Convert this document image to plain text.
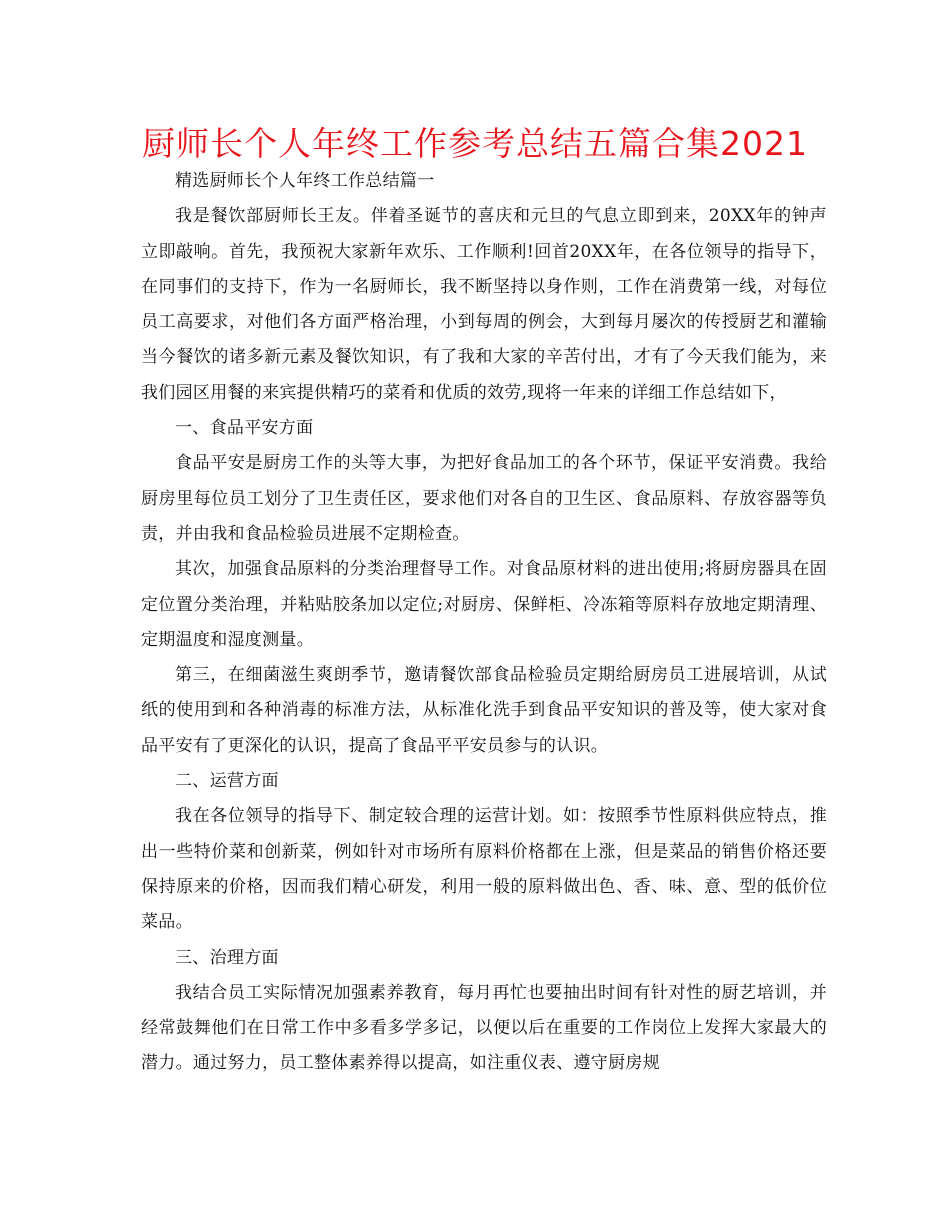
厨师长个人年终工作参考总结五篇合集2021

精选厨师长个人年终工作总结篇一

我是餐饮部厨师长王友。伴着圣诞节的喜庆和元旦的气息立即到来，20XX年的钟声立即敲响。首先，我预祝大家新年欢乐、工作顺利!回首20XX年，在各位领导的指导下，在同事们的支持下，作为一名厨师长，我不断坚持以身作则，工作在消费第一线，对每位员工高要求，对他们各方面严格治理，小到每周的例会，大到每月屡次的传授厨艺和灌输当今餐饮的诸多新元素及餐饮知识，有了我和大家的辛苦付出，才有了今天我们能为，来我们园区用餐的来宾提供精巧的菜肴和优质的效劳,现将一年来的详细工作总结如下，

一、食品平安方面

食品平安是厨房工作的头等大事，为把好食品加工的各个环节，保证平安消费。我给厨房里每位员工划分了卫生责任区，要求他们对各自的卫生区、食品原料、存放容器等负责，并由我和食品检验员进展不定期检查。

其次，加强食品原料的分类治理督导工作。对食品原材料的进出使用;将厨房器具在固定位置分类治理，并粘贴胶条加以定位;对厨房、保鲜柜、冷冻箱等原料存放地定期清理、定期温度和湿度测量。

第三，在细菌滋生爽朗季节，邀请餐饮部食品检验员定期给厨房员工进展培训，从试纸的使用到和各种消毒的标准方法，从标准化洗手到食品平安知识的普及等，使大家对食品平安有了更深化的认识，提高了食品平平安员参与的认识。

二、运营方面

我在各位领导的指导下、制定较合理的运营计划。如：按照季节性原料供应特点，推出一些特价菜和创新菜，例如针对市场所有原料价格都在上涨，但是菜品的销售价格还要保持原来的价格，因而我们精心研发，利用一般的原料做出色、香、味、意、型的低价位菜品。

三、治理方面

我结合员工实际情况加强素养教育，每月再忙也要抽出时间有针对性的厨艺培训，并经常鼓舞他们在日常工作中多看多学多记，以便以后在重要的工作岗位上发挥大家最大的潜力。通过努力，员工整体素养得以提高，如注重仪表、遵守厨房规
